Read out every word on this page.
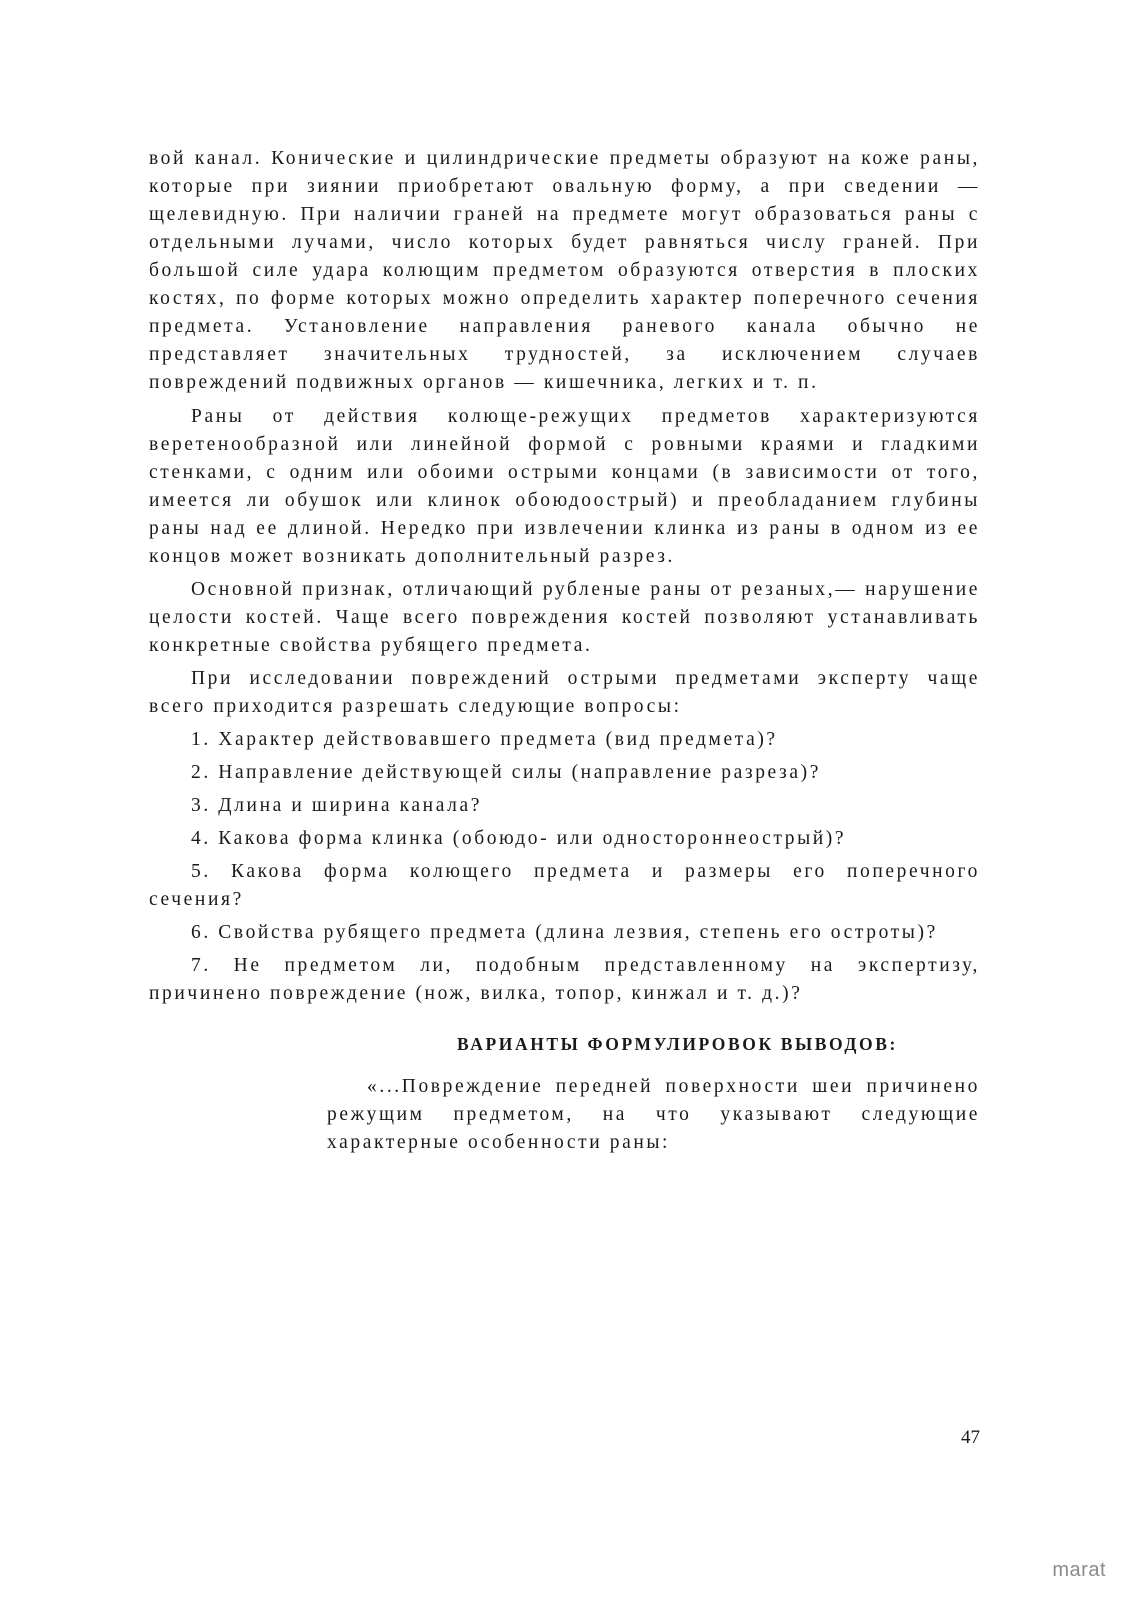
вой канал. Конические и цилиндрические предметы образуют на коже раны, которые при зиянии приобретают овальную форму, а при сведении — щелевидную. При наличии граней на предмете могут образоваться раны с отдельными лучами, число которых будет равняться числу граней. При большой силе удара колющим предметом образуются отверстия в плоских костях, по форме которых можно определить характер поперечного сечения предмета. Установление направления раневого канала обычно не представляет значительных трудностей, за исключением случаев повреждений подвижных органов — кишечника, легких и т. п.

Раны от действия колюще-режущих предметов характеризуются веретенообразной или линейной формой с ровными краями и гладкими стенками, с одним или обоими острыми концами (в зависимости от того, имеется ли обушок или клинок обоюдоострый) и преобладанием глубины раны над ее длиной. Нередко при извлечении клинка из раны в одном из ее концов может возникать дополнительный разрез.

Основной признак, отличающий рубленые раны от резаных,— нарушение целости костей. Чаще всего повреждения костей позволяют устанавливать конкретные свойства рубящего предмета.

При исследовании повреждений острыми предметами эксперту чаще всего приходится разрешать следующие вопросы:

1. Характер действовавшего предмета (вид предмета)?

2. Направление действующей силы (направление разреза)?

3. Длина и ширина канала?

4. Какова форма клинка (обоюдо- или одностороннеострый)?

5. Какова форма колющего предмета и размеры его поперечного сечения?

6. Свойства рубящего предмета (длина лезвия, степень его остроты)?

7. Не предметом ли, подобным представленному на экспертизу, причинено повреждение (нож, вилка, топор, кинжал и т. д.)?

ВАРИАНТЫ ФОРМУЛИРОВОК ВЫВОДОВ:

«...Повреждение передней поверхности шеи причинено режущим предметом, на что указывают следующие характерные особенности раны:

47
marat
